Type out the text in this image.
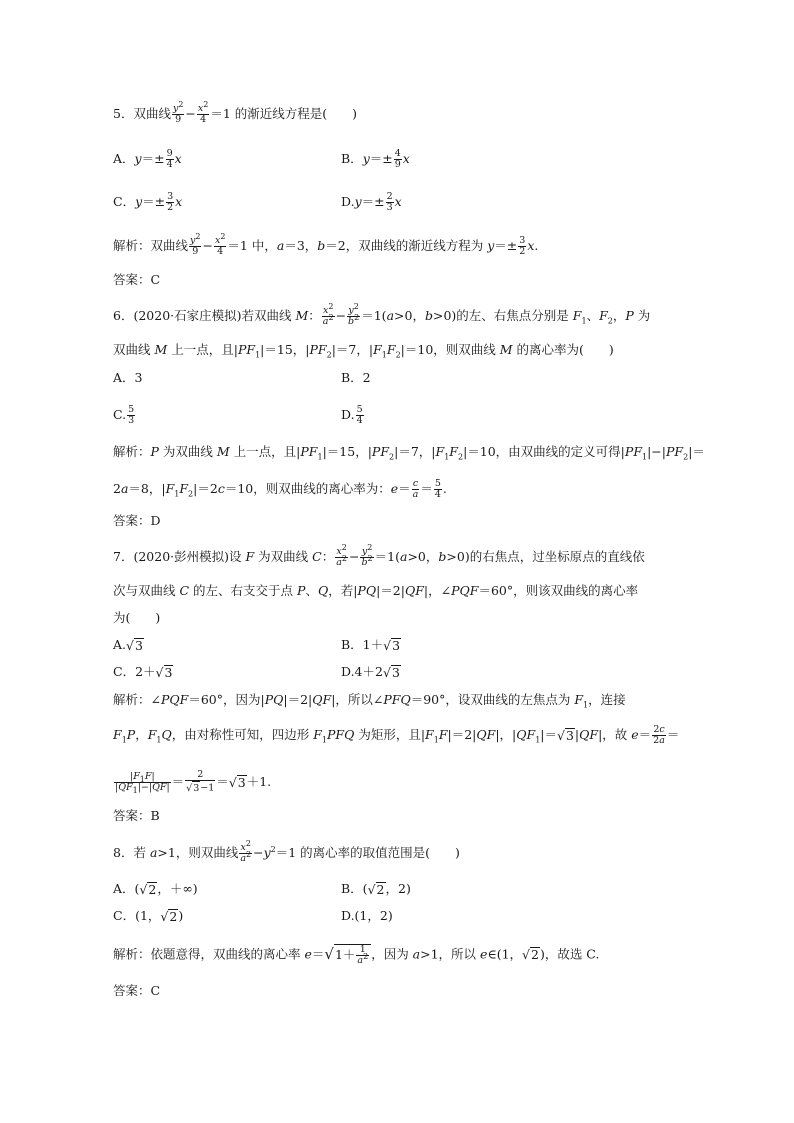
5．双曲线 $\frac{y^2}{9} - \frac{x^2}{4} =1$ 的渐近线方程是(　　)
A．$y=\pm \frac{9}{4}$ x	B．$y=\pm \frac{4}{9}$ x
C．$y=\pm \frac{3}{2}$ x	$D.y=\pm \frac{2}{3}$ x
解析：双曲线 $\frac{y^2}{9} - \frac{x^2}{4} =1$ 中，a＝3，b＝2，双曲线的渐近线方程为 $y=\pm \frac{3}{2} x$.
答案：C
6．(2020·石家庄模拟)若双曲线 M： $\frac{x^2}{a^2} - \frac{y^2}{b^2} =1(a>0$，b>0)的左、右焦点分别是 $F_1$、$F_2$，P 为
双曲线 M 上一点，且$|PF_1|=15$，$|PF_2|=7$，$|F_1F_2|=10$，则双曲线 M 的离心率为(　　)
A．3	B．2
C. $\frac{5}{3}$	D. $\frac{5}{4}$
解析：P 为双曲线 M 上一点，且$|PF_1|=15$，$|PF_2|=7$，$|F_1F_2|=10$，由双曲线的定义可得$|PF_1|-|PF_2|=$
2a＝8，$|F_1F_2|=2c=10$，则双曲线的离心率为：$e= \frac{c}{a} = \frac{5}{4}$ .
答案：D
7．(2020·彭州模拟)设 F 为双曲线 C： $\frac{x^2}{a^2} - \frac{y^2}{b^2} =1(a>0$，b>0)的右焦点，过坐标原点的直线依
次与双曲线 C 的左、右支交于点 P、Q，若|PQ|＝2|QF|，∠PQF＝60°，则该双曲线的离心率
为(　　)
A.√3	B．1＋√3
C．2＋√3	D.4＋2√3
解析：∠PQF＝60°，因为|PQ|＝2|QF|，所以∠PFQ＝90°，设双曲线的左焦点为 $F_1$，连接
$F_1P$，$F_1Q$，由对称性可知，四边形 $F_1PFQ$ 为矩形，且$|F_1F|=2|QF|$，$|QF_1|=√3|QF|$，故 $e= \frac{2c}{2a}$ ＝
$\frac{|F_1F|}{|QF_1|-|QF|} = \frac{2}{√3-1} =√3+1$.
答案：B
8．若 a>1，则双曲线 $\frac{x^2}{a^2} -y^2=1$ 的离心率的取值范围是(　　)
A．(√2，＋∞)	B．(√2，2)
C．(1，√2)	D.(1，2)
解析：依题意得，双曲线的离心率 $e=√1+ \frac{1}{a^2}$ ，因为 a>1，所以 e∈(1，√2)，故选 C.
答案：C
